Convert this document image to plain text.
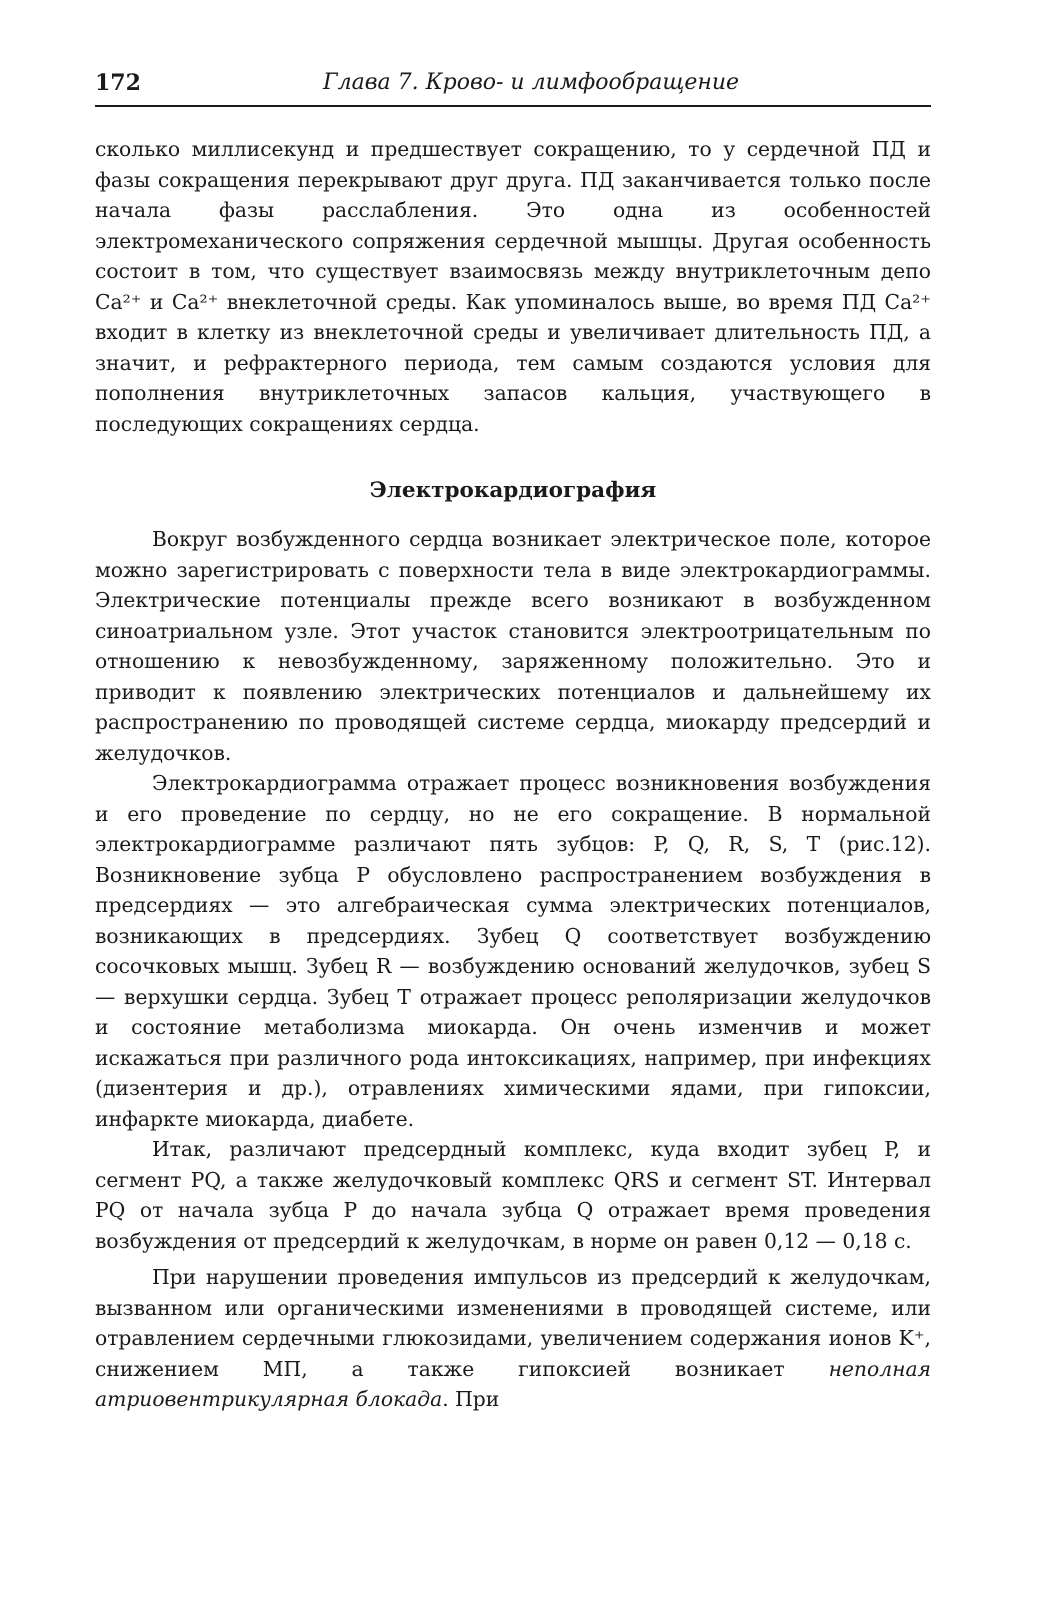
172	Глава 7. Крово- и лимфообращение

сколько миллисекунд и предшествует сокращению, то у сердечной ПД и фазы сокращения перекрывают друг друга. ПД заканчивается только после начала фазы расслабления. Это одна из особенностей электромеханического сопряжения сердечной мышцы. Другая особенность состоит в том, что существует взаимосвязь между внутриклеточным депо Ca²⁺ и Ca²⁺ внеклеточной среды. Как упоминалось выше, во время ПД Ca²⁺ входит в клетку из внеклеточной среды и увеличивает длительность ПД, а значит, и рефрактерного периода, тем самым создаются условия для пополнения внутриклеточных запасов кальция, участвующего в последующих сокращениях сердца.

Электрокардиография

Вокруг возбужденного сердца возникает электрическое поле, которое можно зарегистрировать с поверхности тела в виде электрокардиограммы. Электрические потенциалы прежде всего возникают в возбужденном синоатриальном узле. Этот участок становится электроотрицательным по отношению к невозбужденному, заряженному положительно. Это и приводит к появлению электрических потенциалов и дальнейшему их распространению по проводящей системе сердца, миокарду предсердий и желудочков.

Электрокардиограмма отражает процесс возникновения возбуждения и его проведение по сердцу, но не его сокращение. В нормальной электрокардиограмме различают пять зубцов: P, Q, R, S, T (рис.12). Возникновение зубца P обусловлено распространением возбуждения в предсердиях — это алгебраическая сумма электрических потенциалов, возникающих в предсердиях. Зубец Q соответствует возбуждению сосочковых мышц. Зубец R — возбуждению оснований желудочков, зубец S — верхушки сердца. Зубец T отражает процесс реполяризации желудочков и состояние метаболизма миокарда. Он очень изменчив и может искажаться при различного рода интоксикациях, например, при инфекциях (дизентерия и др.), отравлениях химическими ядами, при гипоксии, инфаркте миокарда, диабете.

Итак, различают предсердный комплекс, куда входит зубец P, и сегмент PQ, а также желудочковый комплекс QRS и сегмент ST. Интервал PQ от начала зубца P до начала зубца Q отражает время проведения возбуждения от предсердий к желудочкам, в норме он равен 0,12 — 0,18 с.

При нарушении проведения импульсов из предсердий к желудочкам, вызванном или органическими изменениями в проводящей системе, или отравлением сердечными глюкозидами, увеличением содержания ионов K⁺, снижением МП, а также гипоксией возникает неполная атриовентрикулярная блокада. При
